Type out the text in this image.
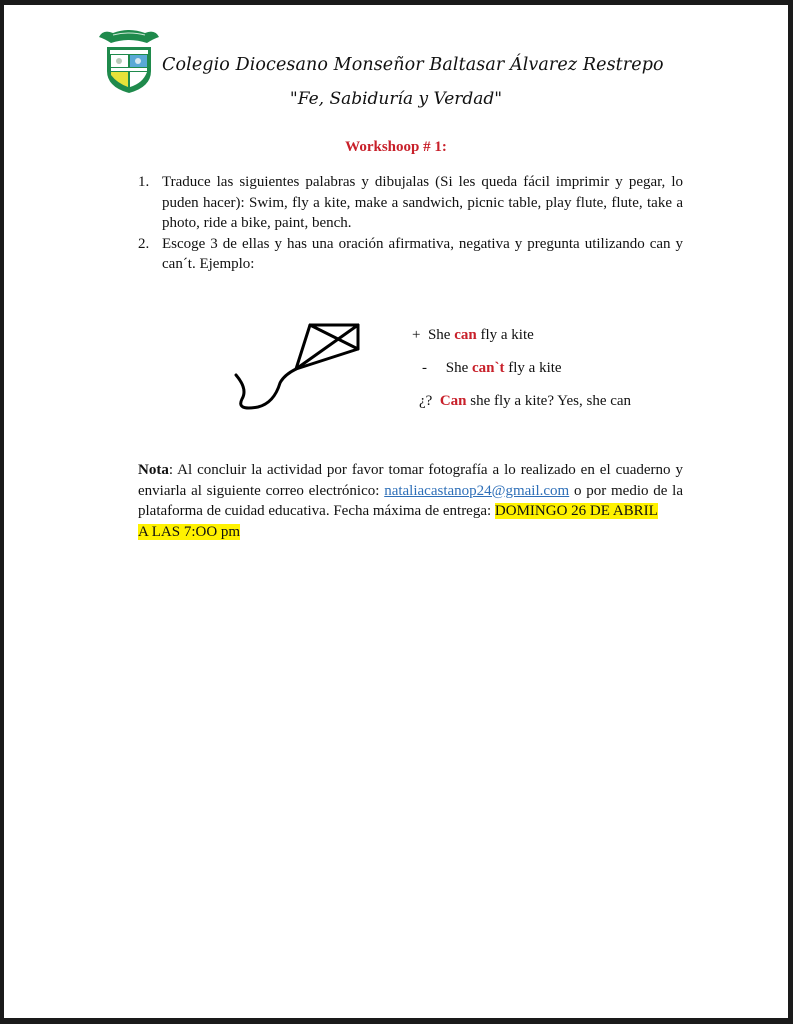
Colegio Diocesano Monseñor Baltasar Álvarez Restrepo
"Fe, Sabiduría y Verdad"
Workshoop # 1:
1. Traduce las siguientes palabras y dibujalas (Si les queda fácil imprimir y pegar, lo puden hacer): Swim, fly a kite, make a sandwich, picnic table, play flute, flute, take a photo, ride a bike, paint, bench.
2. Escoge 3 de ellas y has una oración afirmativa, negativa y pregunta utilizando can y can´t. Ejemplo:
+ She can fly a kite
- She can`t fly a kite
¿? Can she fly a kite? Yes, she can
Nota: Al concluir la actividad por favor tomar fotografía a lo realizado en el cuaderno y enviarla al siguiente correo electrónico: nataliacastanop24@gmail.com o por medio de la plataforma de cuidad educativa. Fecha máxima de entrega: DOMINGO 26 DE ABRIL
A LAS 7:OO pm
